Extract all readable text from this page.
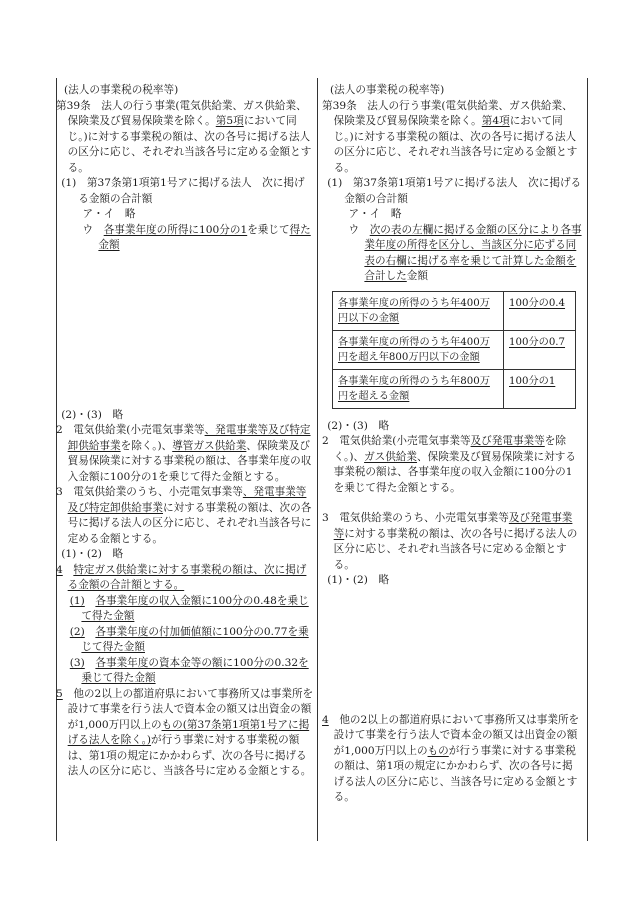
(法人の事業税の税率等)
第39条　法人の行う事業(電気供給業、ガス供給業、保険業及び貿易保険業を除く。第5項において同じ。)に対する事業税の額は、次の各号に掲げる法人の区分に応じ、それぞれ当該各号に定める金額とする。
(1)　第37条第1項第1号アに掲げる法人　次に掲げる金額の合計額
ア・イ　略
ウ　各事業年度の所得に100分の1を乗じて得た金額
(2)・(3)　略
2　電気供給業(小売電気事業等、発電事業等及び特定卸供給事業を除く。)、導管ガス供給業、保険業及び貿易保険業に対する事業税の額は、各事業年度の収入金額に100分の1を乗じて得た金額とする。
3　電気供給業のうち、小売電気事業等、発電事業等及び特定卸供給事業に対する事業税の額は、次の各号に掲げる法人の区分に応じ、それぞれ当該各号に定める金額とする。
(1)・(2)　略
4　 特定ガス供給業に対する事業税の額は、次に掲げる金額の合計額とする。
(1)　 各事業年度の収入金額に100分の0.48を乗じて得た金額
(2)　 各事業年度の付加価値額に100分の0.77を乗じて得た金額
(3)　 各事業年度の資本金等の額に100分の0.32を乗じて得た金額
5　他の2以上の都道府県において事務所又は事業所を設けて事業を行う法人で資本金の額又は出資金の額が1,000万円以上のもの(第37条第1項第1号アに掲げる法人を除く。)が行う事業に対する事業税の額は、第1項の規定にかかわらず、次の各号に掲げる法人の区分に応じ、当該各号に定める金額とする。
(法人の事業税の税率等)
第39条　法人の行う事業(電気供給業、ガス供給業、保険業及び貿易保険業を除く。第4項において同じ。)に対する事業税の額は、次の各号に掲げる法人の区分に応じ、それぞれ当該各号に定める金額とする。
(1)　第37条第1項第1号アに掲げる法人　次に掲げる金額の合計額
ア・イ　略
ウ　次の表の左欄に掲げる金額の区分により各事業年度の所得を区分し、当該区分に応ずる同表の右欄に掲げる率を乗じて計算した金額を合計した金額
各事業年度の所得のうち年400万円以下の金額	100分の0.4
各事業年度の所得のうち年400万円を超え年800万円以下の金額	100分の0.7
各事業年度の所得のうち年800万円を超える金額	100分の1
(2)・(3)　略
2　電気供給業(小売電気事業等及び発電事業等を除く。)、ガス供給業、保険業及び貿易保険業に対する事業税の額は、各事業年度の収入金額に100分の1を乗じて得た金額とする。
3　電気供給業のうち、小売電気事業等及び発電事業等に対する事業税の額は、次の各号に掲げる法人の区分に応じ、それぞれ当該各号に定める金額とする。
(1)・(2)　略
4　他の2以上の都道府県において事務所又は事業所を設けて事業を行う法人で資本金の額又は出資金の額が1,000万円以上のものが行う事業に対する事業税の額は、第1項の規定にかかわらず、次の各号に掲げる法人の区分に応じ、当該各号に定める金額とする。
